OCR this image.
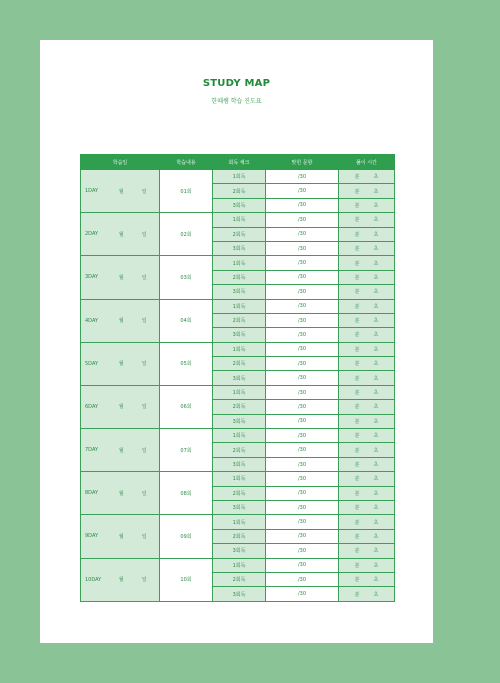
STUDY MAP
한때쌤 학습 진도표
학습일		학습내용	회독 체크	맞힌 문항	풀이 시간
1DAY	월 일	01회	1회독	/30	분 초
			2회독	/30	분 초
			3회독	/30	분 초
2DAY	월 일	02회	1회독	/30	분 초
			2회독	/30	분 초
			3회독	/30	분 초
3DAY	월 일	03회	1회독	/30	분 초
			2회독	/30	분 초
			3회독	/30	분 초
4DAY	월 일	04회	1회독	/30	분 초
			2회독	/30	분 초
			3회독	/30	분 초
5DAY	월 일	05회	1회독	/30	분 초
			2회독	/30	분 초
			3회독	/30	분 초
6DAY	월 일	06회	1회독	/30	분 초
			2회독	/30	분 초
			3회독	/30	분 초
7DAY	월 일	07회	1회독	/30	분 초
			2회독	/30	분 초
			3회독	/30	분 초
8DAY	월 일	08회	1회독	/30	분 초
			2회독	/30	분 초
			3회독	/30	분 초
9DAY	월 일	09회	1회독	/30	분 초
			2회독	/30	분 초
			3회독	/30	분 초
10DAY	월 일	10회	1회독	/30	분 초
			2회독	/30	분 초
			3회독	/30	분 초
